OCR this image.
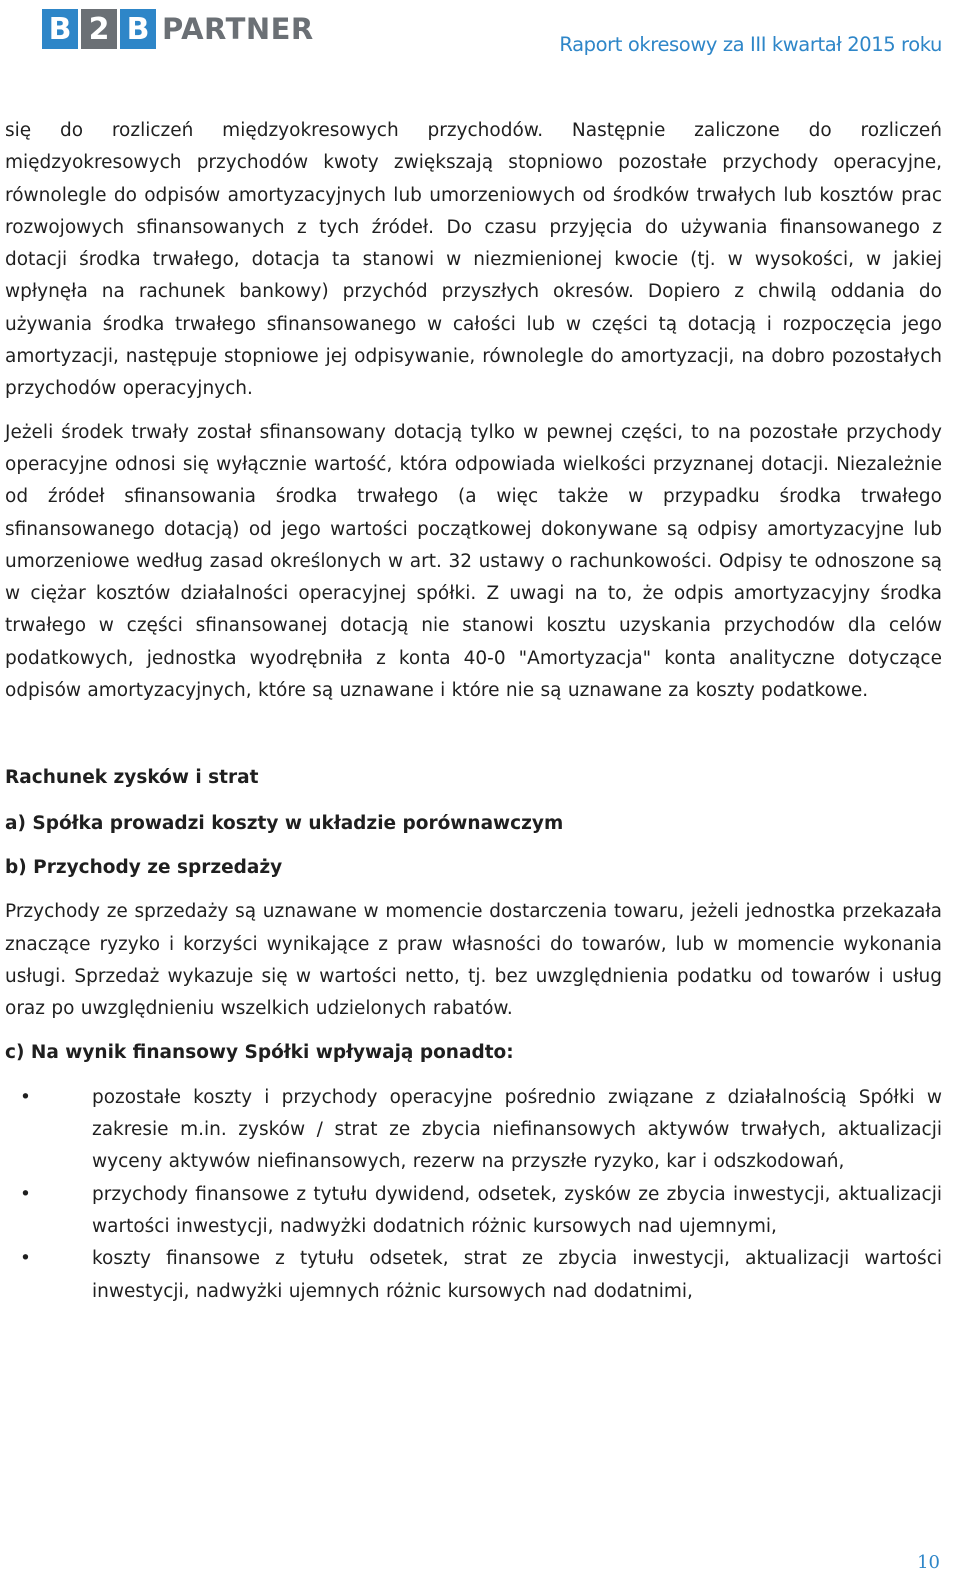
B 2 B PARTNER	Raport okresowy za III kwartał 2015 roku

się do rozliczeń międzyokresowych przychodów. Następnie zaliczone do rozliczeń międzyokresowych przychodów kwoty zwiększają stopniowo pozostałe przychody operacyjne, równolegle do odpisów amortyzacyjnych lub umorzeniowych od środków trwałych lub kosztów prac rozwojowych sfinansowanych z tych źródeł. Do czasu przyjęcia do używania finansowanego z dotacji środka trwałego, dotacja ta stanowi w niezmienionej kwocie (tj. w wysokości, w jakiej wpłynęła na rachunek bankowy) przychód przyszłych okresów. Dopiero z chwilą oddania do używania środka trwałego sfinansowanego w całości lub w części tą dotacją i rozpoczęcia jego amortyzacji, następuje stopniowe jej odpisywanie, równolegle do amortyzacji, na dobro pozostałych przychodów operacyjnych.

Jeżeli środek trwały został sfinansowany dotacją tylko w pewnej części, to na pozostałe przychody operacyjne odnosi się wyłącznie wartość, która odpowiada wielkości przyznanej dotacji. Niezależnie od źródeł sfinansowania środka trwałego (a więc także w przypadku środka trwałego sfinansowanego dotacją) od jego wartości początkowej dokonywane są odpisy amortyzacyjne lub umorzeniowe według zasad określonych w art. 32 ustawy o rachunkowości. Odpisy te odnoszone są w ciężar kosztów działalności operacyjnej spółki. Z uwagi na to, że odpis amortyzacyjny środka trwałego w części sfinansowanej dotacją nie stanowi kosztu uzyskania przychodów dla celów podatkowych, jednostka wyodrębniła z konta 40-0 "Amortyzacja" konta analityczne dotyczące odpisów amortyzacyjnych, które są uznawane i które nie są uznawane za koszty podatkowe.

Rachunek zysków i strat
a) Spółka prowadzi koszty w układzie porównawczym
b) Przychody ze sprzedaży

Przychody ze sprzedaży są uznawane w momencie dostarczenia towaru, jeżeli jednostka przekazała znaczące ryzyko i korzyści wynikające z praw własności do towarów, lub w momencie wykonania usługi. Sprzedaż wykazuje się w wartości netto, tj. bez uwzględnienia podatku od towarów i usług oraz po uwzględnieniu wszelkich udzielonych rabatów.

c) Na wynik finansowy Spółki wpływają ponadto:
•	pozostałe koszty i przychody operacyjne pośrednio związane z działalnością Spółki w zakresie m.in. zysków / strat ze zbycia niefinansowych aktywów trwałych, aktualizacji wyceny aktywów niefinansowych, rezerw na przyszłe ryzyko, kar i odszkodowań,

•	przychody finansowe z tytułu dywidend, odsetek, zysków ze zbycia inwestycji, aktualizacji wartości inwestycji, nadwyżki dodatnich różnic kursowych nad ujemnymi,

•	koszty finansowe z tytułu odsetek, strat ze zbycia inwestycji, aktualizacji wartości inwestycji, nadwyżki ujemnych różnic kursowych nad dodatnimi,

10
